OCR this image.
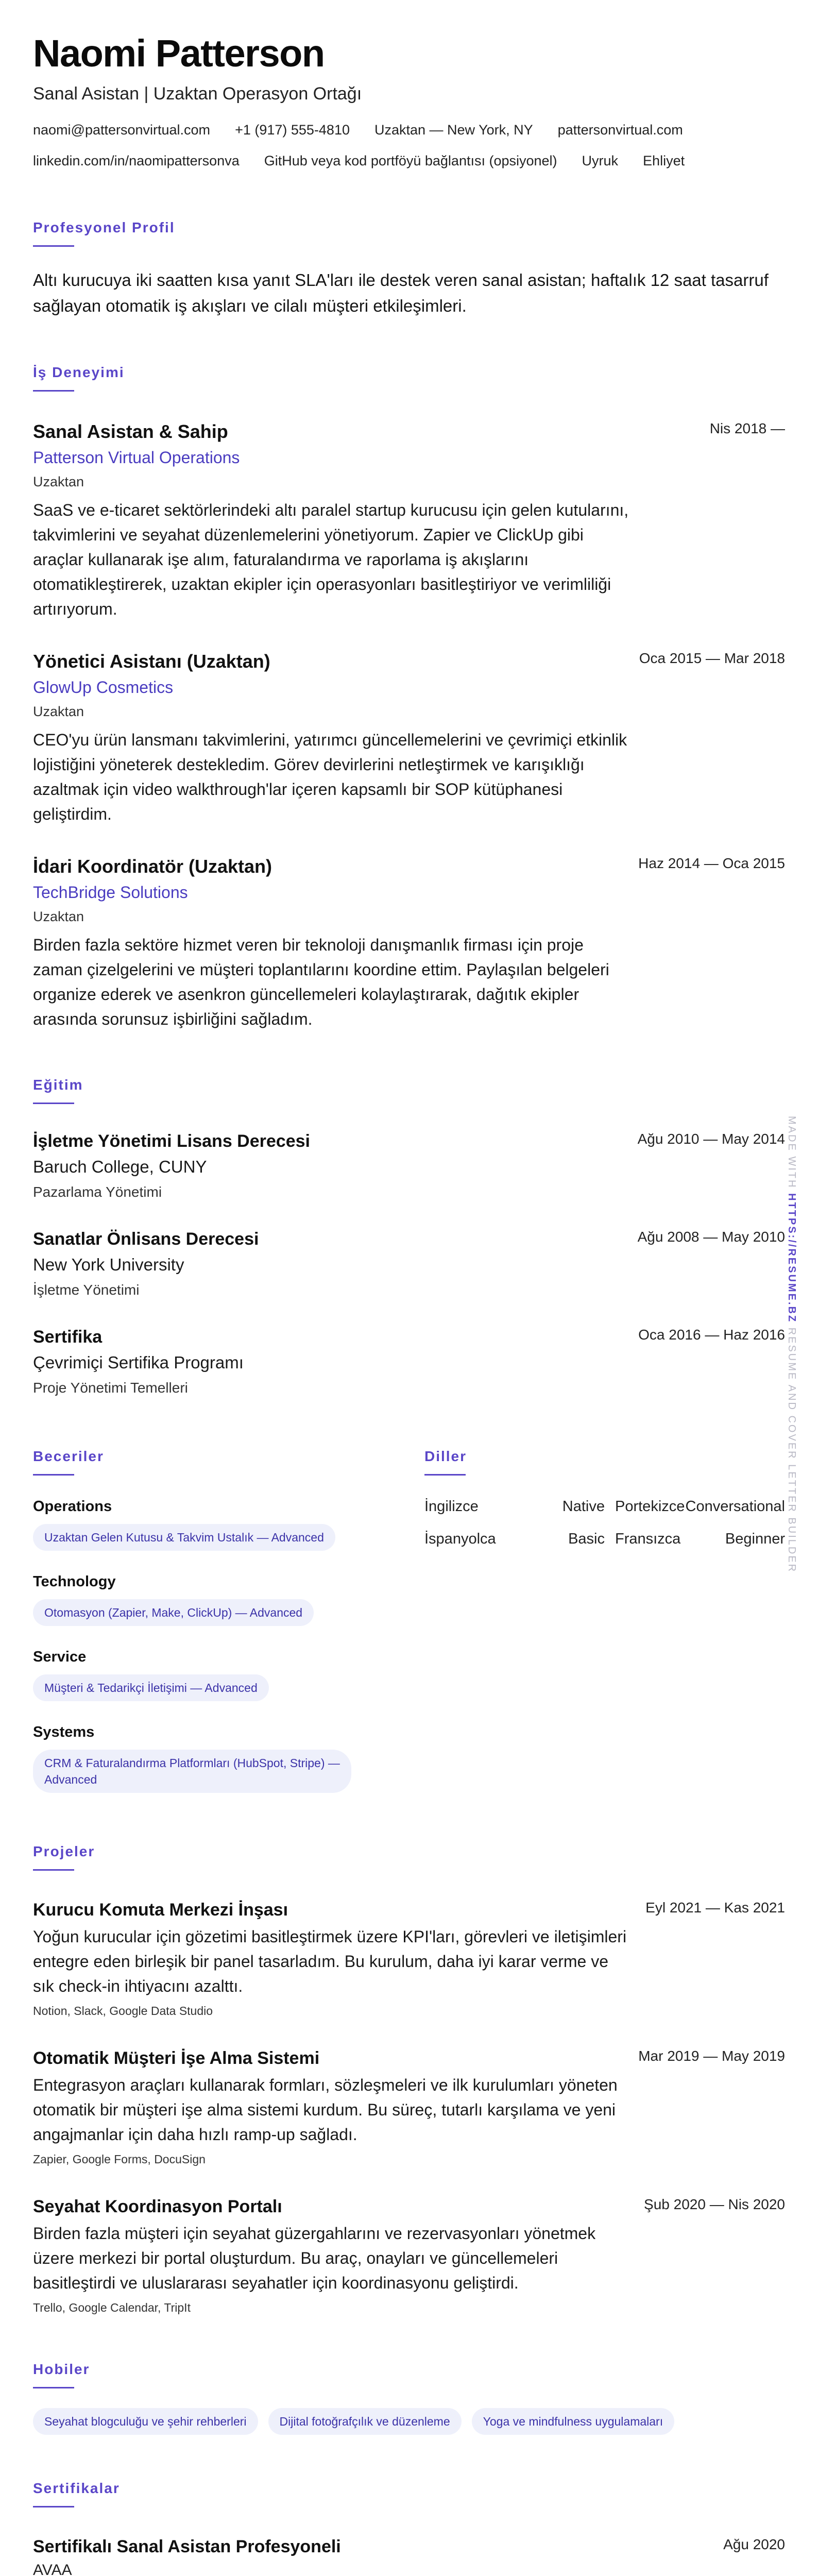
Naomi Patterson
Sanal Asistan | Uzaktan Operasyon Ortağı
naomi@pattersonvirtual.com +1 (917) 555-4810 Uzaktan — New York, NY pattersonvirtual.com
linkedin.com/in/naomipattersonva GitHub veya kod portföyü bağlantısı (opsiyonel) Uyruk Ehliyet
Profesyonel Profil
Altı kurucuya iki saatten kısa yanıt SLA'ları ile destek veren sanal asistan; haftalık 12 saat tasarruf sağlayan otomatik iş akışları ve cilalı müşteri etkileşimleri.
İş Deneyimi
Sanal Asistan & Sahip	Nis 2018 —
Patterson Virtual Operations
Uzaktan
SaaS ve e-ticaret sektörlerindeki altı paralel startup kurucusu için gelen kutularını, takvimlerini ve seyahat düzenlemelerini yönetiyorum. Zapier ve ClickUp gibi araçlar kullanarak işe alım, faturalandırma ve raporlama iş akışlarını otomatikleştirerek, uzaktan ekipler için operasyonları basitleştiriyor ve verimliliği artırıyorum.
Yönetici Asistanı (Uzaktan)	Oca 2015 — Mar 2018
GlowUp Cosmetics
Uzaktan
CEO'yu ürün lansmanı takvimlerini, yatırımcı güncellemelerini ve çevrimiçi etkinlik lojistiğini yöneterek destekledim. Görev devirlerini netleştirmek ve karışıklığı azaltmak için video walkthrough'lar içeren kapsamlı bir SOP kütüphanesi geliştirdim.
İdari Koordinatör (Uzaktan)	Haz 2014 — Oca 2015
TechBridge Solutions
Uzaktan
Birden fazla sektöre hizmet veren bir teknoloji danışmanlık firması için proje zaman çizelgelerini ve müşteri toplantılarını koordine ettim. Paylaşılan belgeleri organize ederek ve asenkron güncellemeleri kolaylaştırarak, dağıtık ekipler arasında sorunsuz işbirliğini sağladım.
Eğitim
İşletme Yönetimi Lisans Derecesi	Ağu 2010 — May 2014
Baruch College, CUNY
Pazarlama Yönetimi
Sanatlar Önlisans Derecesi	Ağu 2008 — May 2010
New York University
İşletme Yönetimi
Sertifika	Oca 2016 — Haz 2016
Çevrimiçi Sertifika Programı
Proje Yönetimi Temelleri
Beceriler
Operations
Uzaktan Gelen Kutusu & Takvim Ustalık — Advanced
Technology
Otomasyon (Zapier, Make, ClickUp) — Advanced
Service
Müşteri & Tedarikçi İletişimi — Advanced
Systems
CRM & Faturalandırma Platformları (HubSpot, Stripe) —
Advanced
Diller
İngilizce	Native Portekizce Conversational
İspanyolca	Basic Fransızca	Beginner
Projeler
Kurucu Komuta Merkezi İnşası	Eyl 2021 — Kas 2021
Yoğun kurucular için gözetimi basitleştirmek üzere KPI'ları, görevleri ve iletişimleri entegre eden birleşik bir panel tasarladım. Bu kurulum, daha iyi karar verme ve sık check-in ihtiyacını azalttı.
Notion, Slack, Google Data Studio
Otomatik Müşteri İşe Alma Sistemi	Mar 2019 — May 2019
Entegrasyon araçları kullanarak formları, sözleşmeleri ve ilk kurulumları yöneten otomatik bir müşteri işe alma sistemi kurdum. Bu süreç, tutarlı karşılama ve yeni angajmanlar için daha hızlı ramp-up sağladı.
Zapier, Google Forms, DocuSign
Seyahat Koordinasyon Portalı	Şub 2020 — Nis 2020
Birden fazla müşteri için seyahat güzergahlarını ve rezervasyonları yönetmek üzere merkezi bir portal oluşturdum. Bu araç, onayları ve güncellemeleri basitleştirdi ve uluslararası seyahatler için koordinasyonu geliştirdi.
Trello, Google Calendar, TripIt
Hobiler
Seyahat blogculuğu ve şehir rehberleri	Dijital fotoğrafçılık ve düzenleme	Yoga ve mindfulness uygulamaları
Sertifikalar
Sertifikalı Sanal Asistan Profesyoneli	Ağu 2020
AVAA
MADE WITH HTTPS://RESUME.BZ RESUME AND COVER LETTER BUILDER
